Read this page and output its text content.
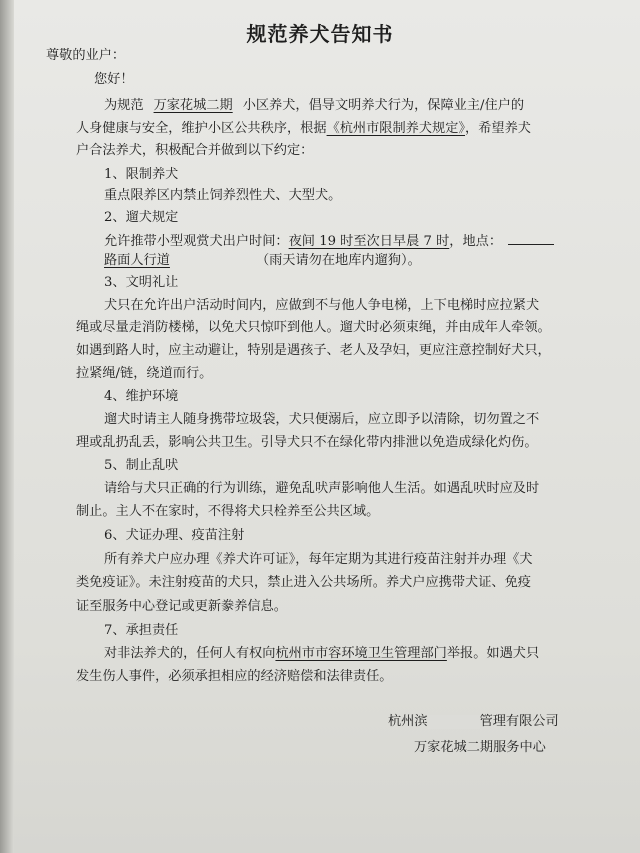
规范养犬告知书
尊敬的业户：
您好！
为规范 万家花城二期 小区养犬，倡导文明养犬行为，保障业主/住户的
人身健康与安全，维护小区公共秩序，根据《杭州市限制养犬规定》，希望养犬
户合法养犬，积极配合并做到以下约定：
1、限制养犬
重点限养区内禁止饲养烈性犬、大型犬。
2、遛犬规定
允许推带小型观赏犬出户时间：夜间 19 时至次日早晨 7 时，地点：
路面人行道	（雨天请勿在地库内遛狗）。
3、文明礼让
犬只在允许出户活动时间内，应做到不与他人争电梯，上下电梯时应拉紧犬
绳或尽量走消防楼梯，以免犬只惊吓到他人。遛犬时必须束绳，并由成年人牵领。
如遇到路人时，应主动避让，特别是遇孩子、老人及孕妇，更应注意控制好犬只，
拉紧绳/链，绕道而行。
4、维护环境
遛犬时请主人随身携带垃圾袋，犬只便溺后，应立即予以清除，切勿置之不
理或乱扔乱丢，影响公共卫生。引导犬只不在绿化带内排泄以免造成绿化灼伤。
5、制止乱吠
请给与犬只正确的行为训练，避免乱吠声影响他人生活。如遇乱吠时应及时
制止。主人不在家时，不得将犬只栓养至公共区域。
6、犬证办理、疫苗注射
所有养犬户应办理《养犬许可证》，每年定期为其进行疫苗注射并办理《犬
类免疫证》。未注射疫苗的犬只，禁止进入公共场所。养犬户应携带犬证、免疫
证至服务中心登记或更新豢养信息。
7、承担责任
对非法养犬的，任何人有权向杭州市市容环境卫生管理部门举报。如遇犬只
发生伤人事件，必须承担相应的经济赔偿和法律责任。
杭州滨	管理有限公司
万家花城二期服务中心
